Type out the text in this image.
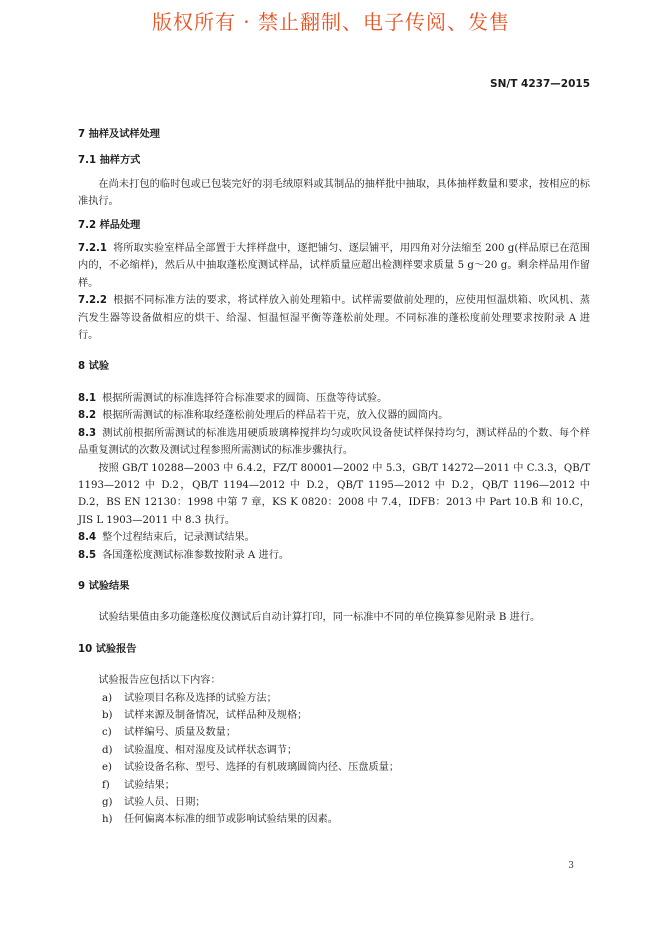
版权所有 · 禁止翻制、电子传阅、发售
SN/T 4237—2015

7 抽样及试样处理

7.1 抽样方式

在尚未打包的临时包或已包装完好的羽毛绒原料或其制品的抽样批中抽取，具体抽样数量和要求，按相应的标准执行。

7.2 样品处理

7.2.1 将所取实验室样品全部置于大拌样盘中，逐把铺匀、逐层铺平，用四角对分法缩至 200 g(样品原已在范围内的，不必缩样)，然后从中抽取蓬松度测试样品，试样质量应超出检测样要求质量 5 g～20 g。剩余样品用作留样。

7.2.2 根据不同标准方法的要求，将试样放入前处理箱中。试样需要做前处理的，应使用恒温烘箱、吹风机、蒸汽发生器等设备做相应的烘干、给湿、恒温恒湿平衡等蓬松前处理。不同标准的蓬松度前处理要求按附录 A 进行。

8 试验

8.1 根据所需测试的标准选择符合标准要求的圆筒、压盘等待试验。

8.2 根据所需测试的标准称取经蓬松前处理后的样品若干克，放入仪器的圆筒内。

8.3 测试前根据所需测试的标准选用硬质玻璃棒搅拌均匀或吹风设备使试样保持均匀，测试样品的个数、每个样品重复测试的次数及测试过程参照所需测试的标准步骤执行。

按照 GB/T 10288—2003 中 6.4.2，FZ/T 80001—2002 中 5.3，GB/T 14272—2011 中 C.3.3，QB/T 1193—2012 中 D.2，QB/T 1194—2012 中 D.2，QB/T 1195—2012 中 D.2，QB/T 1196—2012 中 D.2，BS EN 12130：1998 中第 7 章，KS K 0820：2008 中 7.4，IDFB：2013 中 Part 10.B 和 10.C，JIS L 1903—2011 中 8.3 执行。

8.4 整个过程结束后，记录测试结果。

8.5 各国蓬松度测试标准参数按附录 A 进行。

9 试验结果

试验结果值由多功能蓬松度仪测试后自动计算打印，同一标准中不同的单位换算参见附录 B 进行。

10 试验报告

试验报告应包括以下内容：

a) 试验项目名称及选择的试验方法；
b) 试样来源及制备情况，试样品种及规格；
c) 试样编号、质量及数量；
d) 试验温度、相对湿度及试样状态调节；
e) 试验设备名称、型号、选择的有机玻璃圆筒内径、压盘质量；
f) 试验结果；
g) 试验人员、日期；
h) 任何偏离本标准的细节或影响试验结果的因素。
3
